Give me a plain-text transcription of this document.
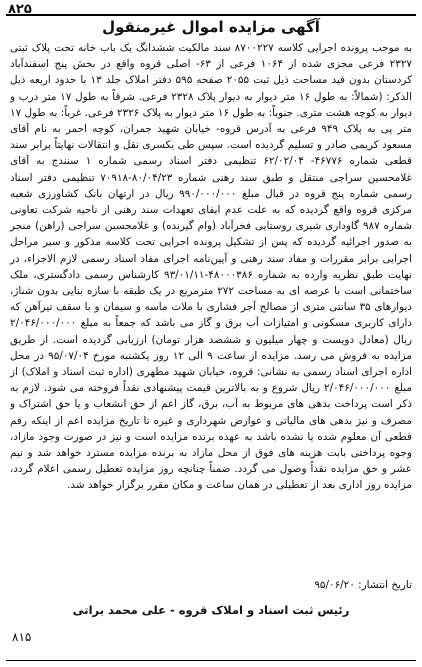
۸۲۵
آگهی مزایده اموال غیرمنقول
به موجب پرونده اجرایی کلاسه ۸۷۰۰۲۲۷ سند مالکیت ششدانگ یک باب خانه تحت پلاک ثبتی ۲۳۲۷ فرعی مجزی شده از ۱۰۶۴ فرعی از ۶۳- اصلی قروه واقع در بخش پنج اسفندآباد کردستان بدون قید مساحت ذیل ثبت ۲۰۵۵ صفحه ۵۹۵ دفتر املاک جلد ۱۳ با حدود اربعه ذیل الذکر: (شمالاً: به طول ۱۶ متر دیوار به دیوار پلاک ۲۳۲۸ فرعی. شرقاً به طول ۱۷ متر درب و دیوار به کوچه هشت متری. جنوباً: به طول ۱۶ متر دیوار به پلاک ۲۳۲۶ فرعی. غرباً: به طول ۱۷ متر پی به پلاک ۹۴۹ فرعی به آدرس قروه- خیابان شهید جمران، کوچه احمر به نام آقای مسعود کریمی صادر و تسلیم گردیده است. سپس طی یکسری نقل و انتقالات نهایتاً برابر سند قطعی شماره ۴۶۷۷۶- ۶۲/۰۲/۰۴ تنظیمی دفتر اسناد رسمی شماره ۱ سنندج به آقای غلامحسین سراجی منتقل و طبق سند رهنی شماره ۸۰/۰۴/۲۳-۷۰۹۱۸ تنظیمی دفتر اسناد رسمی شماره پنج قروه در قبال مبلغ ۹۹۰/۰۰۰/۰۰۰ ریال در ارتهان بانک کشاورزی شعبه مرکزی قروه واقع گردیده که به علت عدم ایفای تعهدات سند رهنی از ناحیه شرکت تعاونی شماره ۹۸۷ گاوداری شیری روستایی فخرآباد (وام گیرنده) و غلامحسین سراجی (راهن) منجر به صدور اجرائیه گردیده که پس از تشکیل پرونده اجرایی تحت کلاسه مذکور و سیر مراحل اجرایی برابر مقررات و مفاد سند رهنی و آیین‌نامه اجرای مفاد اسناد رسمی لازم الاجراء، در نهایت طبق نظریه وارده به شماره ۴۸۰۰۰۳۸۶-۹۳/۰۱/۱۱ کارشناس رسمی دادگستری، ملک ساختمانی است با عرصه ای به مساحت ۲۷۲ مترمربع در یک طبقه با سازه بنایی بدون شناژ، دیوارهای ۳۵ سانتی متری از مصالح آجر فشاری با ملات ماسه و سیمان و با سقف تیرآهن که دارای کاربری مسکونی و امتیازات آب برق و گاز می باشد که جمعاً به مبلغ ۲/۰۴۶/۰۰۰/۰۰۰ ریال (معادل دویست و چهار میلیون و ششصد هزار تومان) ارزیابی گردیده است. از طریق مزایده به فروش می رسد. مزایده از ساعت ۹ الی ۱۲ روز یکشنبه مورخ ۹۵/۰۷/۰۴ در محل اداره اجرای اسناد رسمی به نشانی: قروه، خیابان شهید مطهری (اداره ثبت اسناد و املاک) از مبلغ ۲/۰۴۶/۰۰۰/۰۰۰ ریال شروع و به بالاترین قیمت پیشنهادی نقداً فروخته می شود. لازم به ذکر است پرداخت بدهی های مربوط به آب، برق، گاز اعم از حق انشعاب و یا حق اشتراک و مصرف و نیز بدهی های مالیاتی و عوارض شهرداری و غیره تا تاریخ مزایده اعم از اینکه رقم قطعی آن معلوم شده یا نشده باشد به عهده برنده مزایده است و نیز در صورت وجود مازاد، وجوه پرداختی بابت هزینه های فوق از محل مازاد به برنده مزایده مسترد خواهد شد و نیم عشر و حق مزایده نقداً وصول می گردد. ضمناً چنانچه روز مزایده تعطیل رسمی اعلام گردد، مزایده روز اداری بعد از تعطیلی در همان ساعت و مکان مقرر برگزار خواهد شد.
تاریخ انتشار: ۹۵/۰۶/۲۰
رئیس ثبت اسناد و املاک قروه - علی محمد براتی
۸۱۵
